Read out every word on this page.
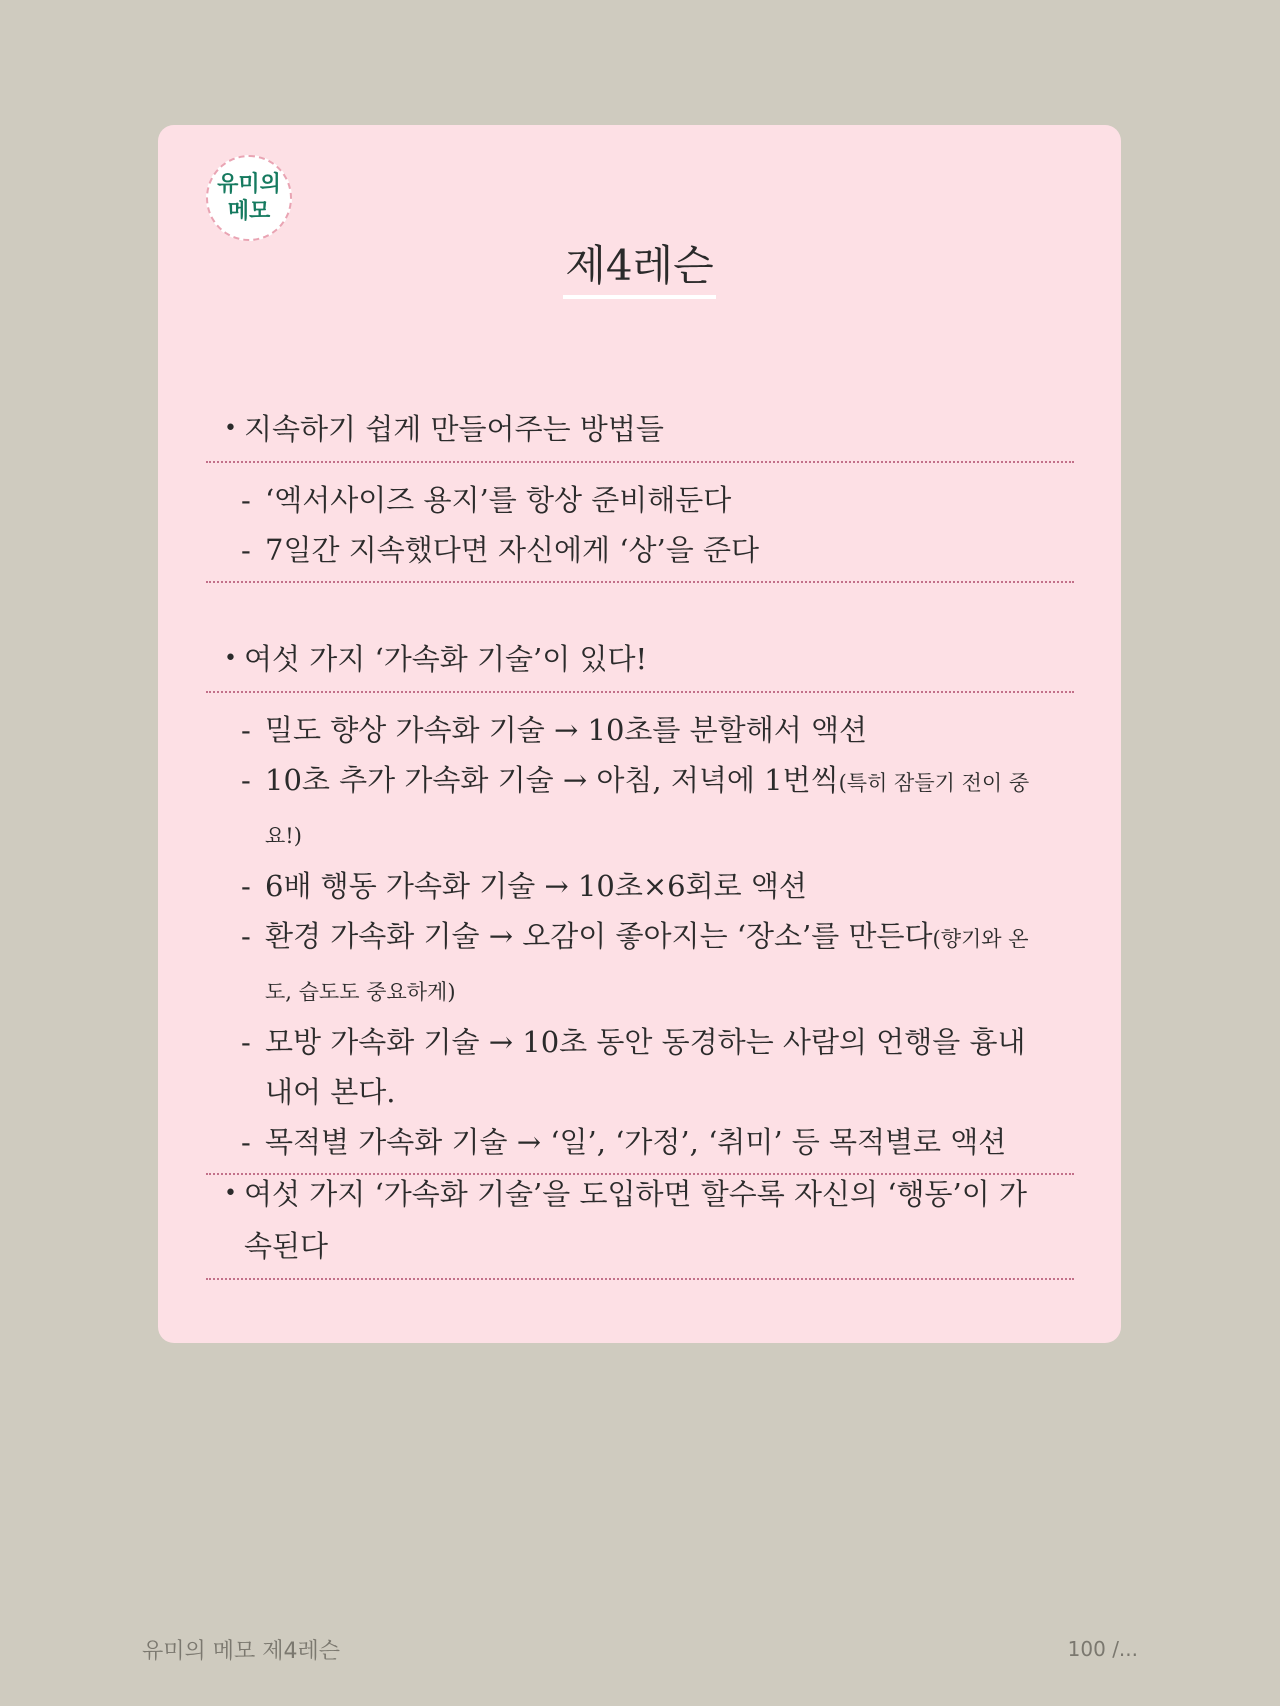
유미의
메모
제4레슨
• 지속하기 쉽게 만들어주는 방법들
- ‘엑서사이즈 용지’를 항상 준비해둔다
- 7일간 지속했다면 자신에게 ‘상’을 준다
• 여섯 가지 ‘가속화 기술’이 있다!
- 밀도 향상 가속화 기술 → 10초를 분할해서 액션
- 10초 추가 가속화 기술 → 아침, 저녁에 1번씩(특히 잠들기 전이 중요!)
- 6배 행동 가속화 기술 → 10초×6회로 액션
- 환경 가속화 기술 → 오감이 좋아지는 ‘장소’를 만든다(향기와 온도, 습도도 중요하게)
- 모방 가속화 기술 → 10초 동안 동경하는 사람의 언행을 흉내 내어 본다.
- 목적별 가속화 기술 → ‘일’, ‘가정’, ‘취미’ 등 목적별로 액션
• 여섯 가지 ‘가속화 기술’을 도입하면 할수록 자신의 ‘행동’이 가속된다
유미의 메모 제4레슨	100 /...
